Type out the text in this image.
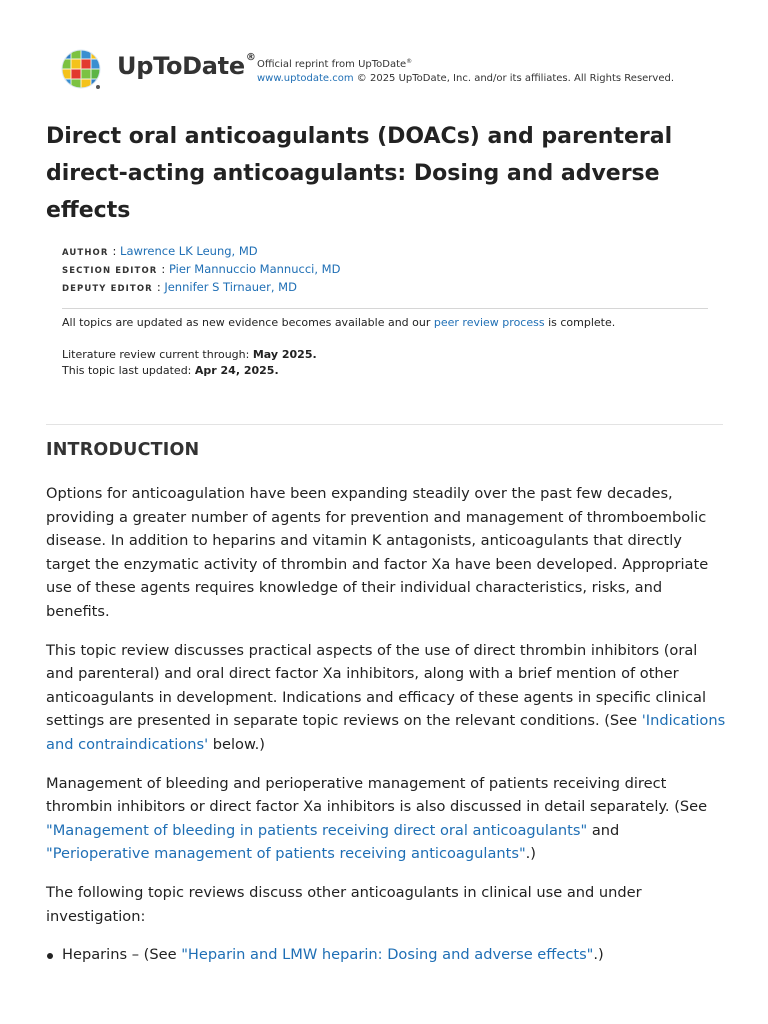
UpToDate®
Official reprint from UpToDate®
www.uptodate.com © 2025 UpToDate, Inc. and/or its affiliates. All Rights Reserved.
Direct oral anticoagulants (DOACs) and parenteral direct-acting anticoagulants: Dosing and adverse effects
AUTHOR : Lawrence LK Leung, MD
SECTION EDITOR : Pier Mannuccio Mannucci, MD
DEPUTY EDITOR : Jennifer S Tirnauer, MD

All topics are updated as new evidence becomes available and our peer review process is complete.

Literature review current through: May 2025.

This topic last updated: Apr 24, 2025.

INTRODUCTION

Options for anticoagulation have been expanding steadily over the past few decades, providing a greater number of agents for prevention and management of thromboembolic disease. In addition to heparins and vitamin K antagonists, anticoagulants that directly target the enzymatic activity of thrombin and factor Xa have been developed. Appropriate use of these agents requires knowledge of their individual characteristics, risks, and benefits.

This topic review discusses practical aspects of the use of direct thrombin inhibitors (oral and parenteral) and oral direct factor Xa inhibitors, along with a brief mention of other anticoagulants in development. Indications and efficacy of these agents in specific clinical settings are presented in separate topic reviews on the relevant conditions. (See 'Indications and contraindications' below.)

Management of bleeding and perioperative management of patients receiving direct thrombin inhibitors or direct factor Xa inhibitors is also discussed in detail separately. (See "Management of bleeding in patients receiving direct oral anticoagulants" and "Perioperative management of patients receiving anticoagulants".)

The following topic reviews discuss other anticoagulants in clinical use and under investigation:

Heparins – (See "Heparin and LMW heparin: Dosing and adverse effects".)
